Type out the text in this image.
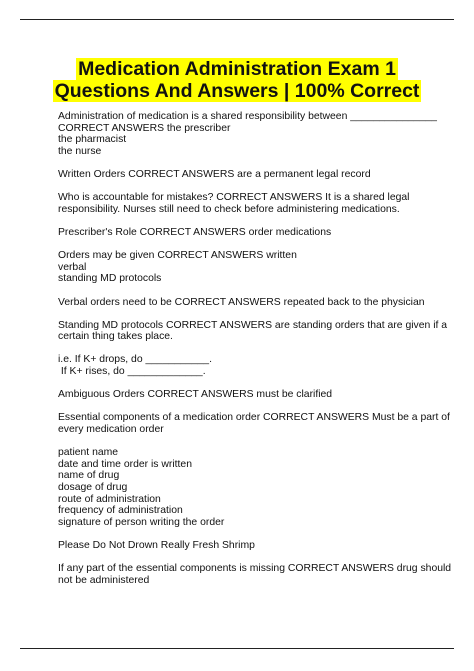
Medication Administration Exam 1
Questions And Answers | 100% Correct
Administration of medication is a shared responsibility between _______________
CORRECT ANSWERS the prescriber
the pharmacist
the nurse
Written Orders CORRECT ANSWERS are a permanent legal record
Who is accountable for mistakes? CORRECT ANSWERS It is a shared legal
responsibility. Nurses still need to check before administering medications.
Prescriber's Role CORRECT ANSWERS order medications
Orders may be given CORRECT ANSWERS written
verbal
standing MD protocols
Verbal orders need to be CORRECT ANSWERS repeated back to the physician
Standing MD protocols CORRECT ANSWERS are standing orders that are given if a
certain thing takes place.
i.e. If K+ drops, do ___________.
If K+ rises, do _____________.
Ambiguous Orders CORRECT ANSWERS must be clarified
Essential components of a medication order CORRECT ANSWERS Must be a part of
every medication order

patient name
date and time order is written
name of drug
dosage of drug
route of administration
frequency of administration
signature of person writing the order
Please Do Not Drown Really Fresh Shrimp
If any part of the essential components is missing CORRECT ANSWERS drug should
not be administered
